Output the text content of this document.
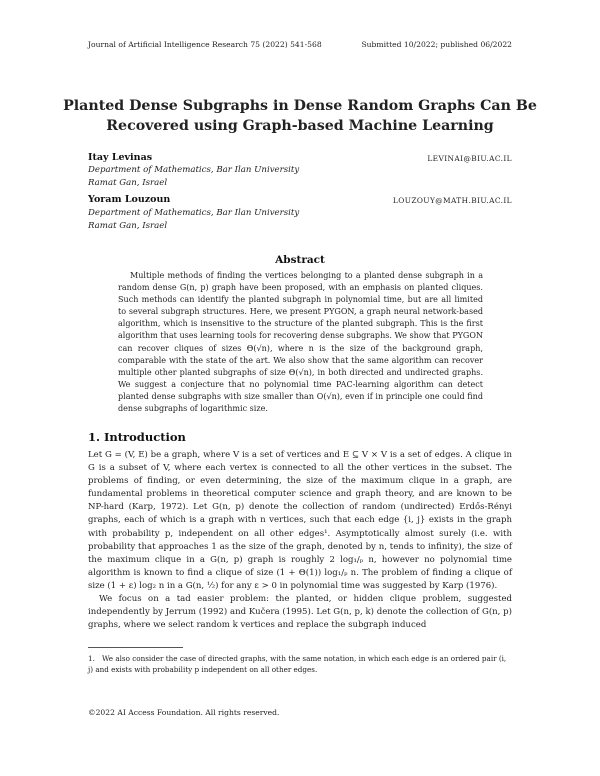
Journal of Artificial Intelligence Research 75 (2022) 541-568	Submitted 10/2022; published 06/2022
Planted Dense Subgraphs in Dense Random Graphs Can Be
Recovered using Graph-based Machine Learning
Itay Levinas	LEVINAI@BIU.AC.IL
Department of Mathematics, Bar Ilan University
Ramat Gan, Israel
Yoram Louzoun	LOUZOUY@MATH.BIU.AC.IL
Department of Mathematics, Bar Ilan University
Ramat Gan, Israel
Abstract
Multiple methods of finding the vertices belonging to a planted dense subgraph in a random dense G(n, p) graph have been proposed, with an emphasis on planted cliques. Such methods can identify the planted subgraph in polynomial time, but are all limited to several subgraph structures. Here, we present PYGON, a graph neural network-based algorithm, which is insensitive to the structure of the planted subgraph. This is the first algorithm that uses learning tools for recovering dense subgraphs. We show that PYGON can recover cliques of sizes Θ(√n), where n is the size of the background graph, comparable with the state of the art. We also show that the same algorithm can recover multiple other planted subgraphs of size Θ(√n), in both directed and undirected graphs. We suggest a conjecture that no polynomial time PAC-learning algorithm can detect planted dense subgraphs with size smaller than O(√n), even if in principle one could find dense subgraphs of logarithmic size.
1. Introduction

Let G = (V, E) be a graph, where V is a set of vertices and E ⊆ V × V is a set of edges. A clique in G is a subset of V, where each vertex is connected to all the other vertices in the subset. The problems of finding, or even determining, the size of the maximum clique in a graph, are fundamental problems in theoretical computer science and graph theory, and are known to be NP-hard (Karp, 1972). Let G(n, p) denote the collection of random (undirected) Erdős-Rényi graphs, each of which is a graph with n vertices, such that each edge {i, j} exists in the graph with probability p, independent on all other edges¹. Asymptotically almost surely (i.e. with probability that approaches 1 as the size of the graph, denoted by n, tends to infinity), the size of the maximum clique in a G(n, p) graph is roughly 2 log₁/ₚ n, however no polynomial time algorithm is known to find a clique of size (1 + Θ(1)) log₁/ₚ n. The problem of finding a clique of size (1 + ε) log₂ n in a G(n, ½) for any ε > 0 in polynomial time was suggested by Karp (1976).

We focus on a tad easier problem: the planted, or hidden clique problem, suggested independently by Jerrum (1992) and Kučera (1995). Let G(n, p, k) denote the collection of G(n, p) graphs, where we select random k vertices and replace the subgraph induced

1. We also consider the case of directed graphs, with the same notation, in which each edge is an ordered pair (i, j) and exists with probability p independent on all other edges.
©2022 AI Access Foundation. All rights reserved.
